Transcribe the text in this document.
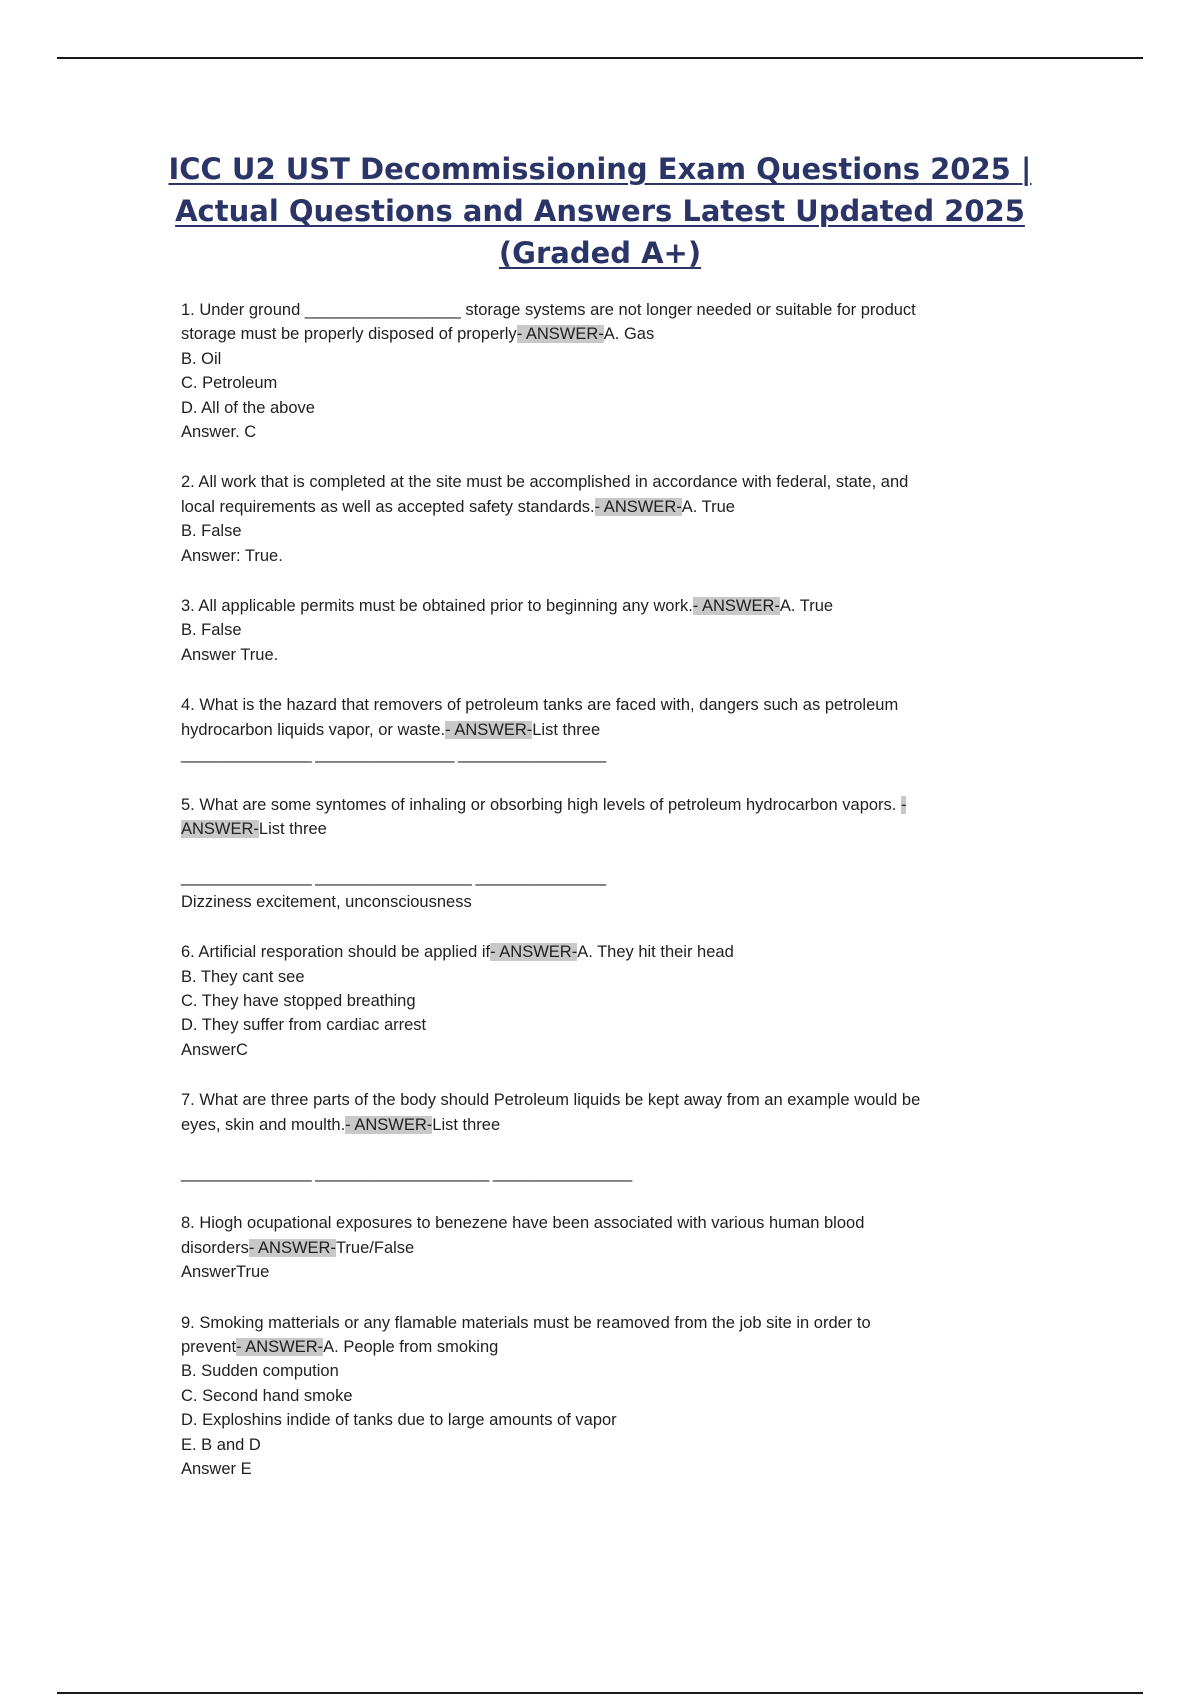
ICC U2 UST Decommissioning Exam Questions 2025 |
Actual Questions and Answers Latest Updated 2025
(Graded A+)
1. Under ground _________________ storage systems are not longer needed or suitable for product
storage must be properly disposed of properly- ANSWER-A. Gas
B. Oil
C. Petroleum
D. All of the above
Answer. C
2. All work that is completed at the site must be accomplished in accordance with federal, state, and
local requirements as well as accepted safety standards.- ANSWER-A. True
B. False
Answer: True.
3. All applicable permits must be obtained prior to beginning any work.- ANSWER-A. True
B. False
Answer True.
4. What is the hazard that removers of petroleum tanks are faced with, dangers such as petroleum
hydrocarbon liquids vapor, or waste.- ANSWER-List three
_______________ ________________ _________________
5. What are some syntomes of inhaling or obsorbing high levels of petroleum hydrocarbon vapors. -
ANSWER-List three
_______________ __________________ _______________
Dizziness excitement, unconsciousness
6. Artificial resporation should be applied if- ANSWER-A. They hit their head
B. They cant see
C. They have stopped breathing
D. They suffer from cardiac arrest
AnswerC
7. What are three parts of the body should Petroleum liquids be kept away from an example would be
eyes, skin and moulth.- ANSWER-List three
_______________ ____________________ ________________
8. Hiogh ocupational exposures to benezene have been associated with various human blood
disorders- ANSWER-True/False
AnswerTrue
9. Smoking matterials or any flamable materials must be reamoved from the job site in order to
prevent- ANSWER-A. People from smoking
B. Sudden compution
C. Second hand smoke
D. Exploshins indide of tanks due to large amounts of vapor
E. B and D
Answer E
